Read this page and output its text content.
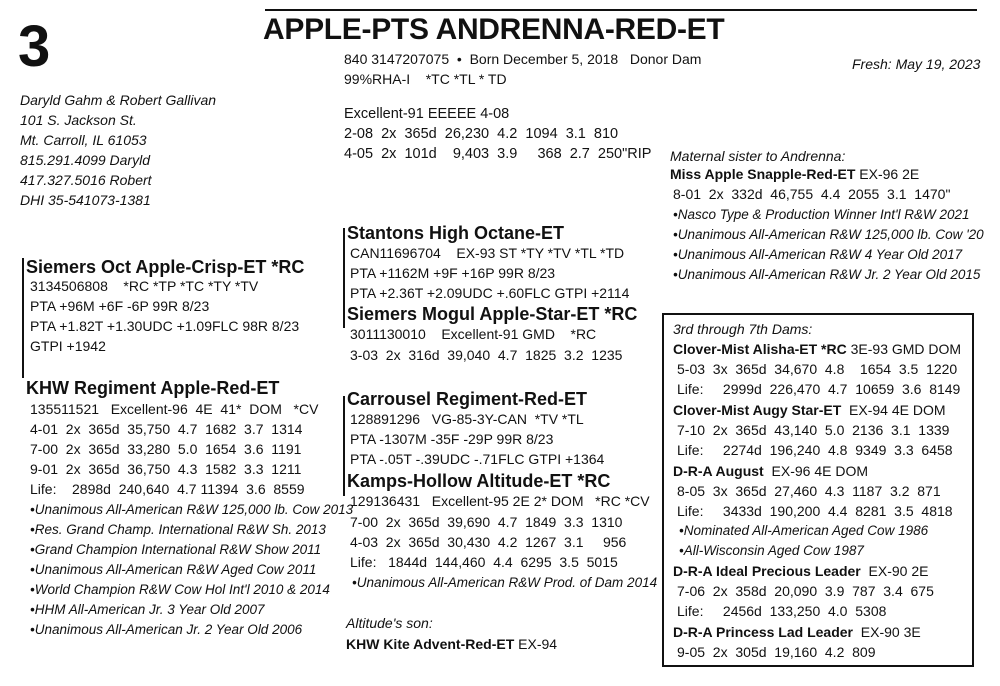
3	APPLE-PTS ANDRENNA-RED-ET
840 3147207075  •  Born December 5, 2018   Donor Dam
99%RHA-I    *TC *TL * TD
Fresh: May 19, 2023
Daryld Gahm & Robert Gallivan
101 S. Jackson St.
Mt. Carroll, IL 61053
815.291.4099 Daryld
417.327.5016 Robert
DHI 35-541073-1381
Excellent-91 EEEEE 4-08
2-08  2x  365d  26,230  4.2  1094  3.1  810
4-05  2x  101d    9,403  3.9     368  2.7  250"RIP
Siemers Oct Apple-Crisp-ET *RC
3134506808    *RC *TP *TC *TY *TV
PTA +96M +6F -6P 99R 8/23
PTA +1.82T +1.30UDC +1.09FLC 98R 8/23
GTPI +1942
KHW Regiment Apple-Red-ET
135511521   Excellent-96  4E  41*  DOM   *CV
4-01  2x  365d  35,750  4.7  1682  3.7  1314
7-00  2x  365d  33,280  5.0  1654  3.6  1191
9-01  2x  365d  36,750  4.3  1582  3.3  1211
Life:    2898d  240,640  4.7 11394  3.6  8559
•Unanimous All-American R&W 125,000 lb. Cow 2013
•Res. Grand Champ. International R&W Sh. 2013
•Grand Champion International R&W Show 2011
•Unanimous All-American R&W Aged Cow 2011
•World Champion R&W Cow Hol Int'l 2010 & 2014
•HHM All-American Jr. 3 Year Old 2007
•Unanimous All-American Jr. 2 Year Old 2006
Stantons High Octane-ET
CAN11696704    EX-93 ST *TY *TV *TL *TD
PTA +1162M +9F +16P 99R 8/23
PTA +2.36T +2.09UDC +.60FLC GTPI +2114
Siemers Mogul Apple-Star-ET *RC
3011130010    Excellent-91 GMD    *RC
3-03  2x  316d  39,040  4.7  1825  3.2  1235
Carrousel Regiment-Red-ET
128891296   VG-85-3Y-CAN  *TV *TL
PTA -1307M -35F -29P 99R 8/23
PTA -.05T -.39UDC -.71FLC GTPI +1364
Kamps-Hollow Altitude-ET *RC
129136431   Excellent-95 2E 2* DOM   *RC *CV
7-00  2x  365d  39,690  4.7  1849  3.3  1310
4-03  2x  365d  30,430  4.2  1267  3.1     956
Life:   1844d  144,460  4.4  6295  3.5  5015
•Unanimous All-American R&W Prod. of Dam 2014
Altitude's son:
KHW Kite Advent-Red-ET EX-94
Maternal sister to Andrenna:
Miss Apple Snapple-Red-ET EX-96 2E
8-01  2x  332d  46,755  4.4  2055  3.1  1470"
•Nasco Type & Production Winner Int'l R&W 2021
•Unanimous All-American R&W 125,000 lb. Cow '20
•Unanimous All-American R&W 4 Year Old 2017
•Unanimous All-American R&W Jr. 2 Year Old 2015
3rd through 7th Dams:
Clover-Mist Alisha-ET *RC 3E-93 GMD DOM
5-03  3x  365d  34,670  4.8    1654  3.5  1220
Life:     2999d  226,470  4.7  10659  3.6  8149
Clover-Mist Augy Star-ET  EX-94 4E DOM
7-10  2x  365d  43,140  5.0  2136  3.1  1339
Life:     2274d  196,240  4.8  9349  3.3  6458
D-R-A August  EX-96 4E DOM
8-05  3x  365d  27,460  4.3  1187  3.2  871
Life:     3433d  190,200  4.4  8281  3.5  4818
•Nominated All-American Aged Cow 1986
•All-Wisconsin Aged Cow 1987
D-R-A Ideal Precious Leader  EX-90 2E
7-06  2x  358d  20,090  3.9  787  3.4  675
Life:     2456d  133,250  4.0  5308
D-R-A Princess Lad Leader  EX-90 3E
9-05  2x  305d  19,160  4.2  809
